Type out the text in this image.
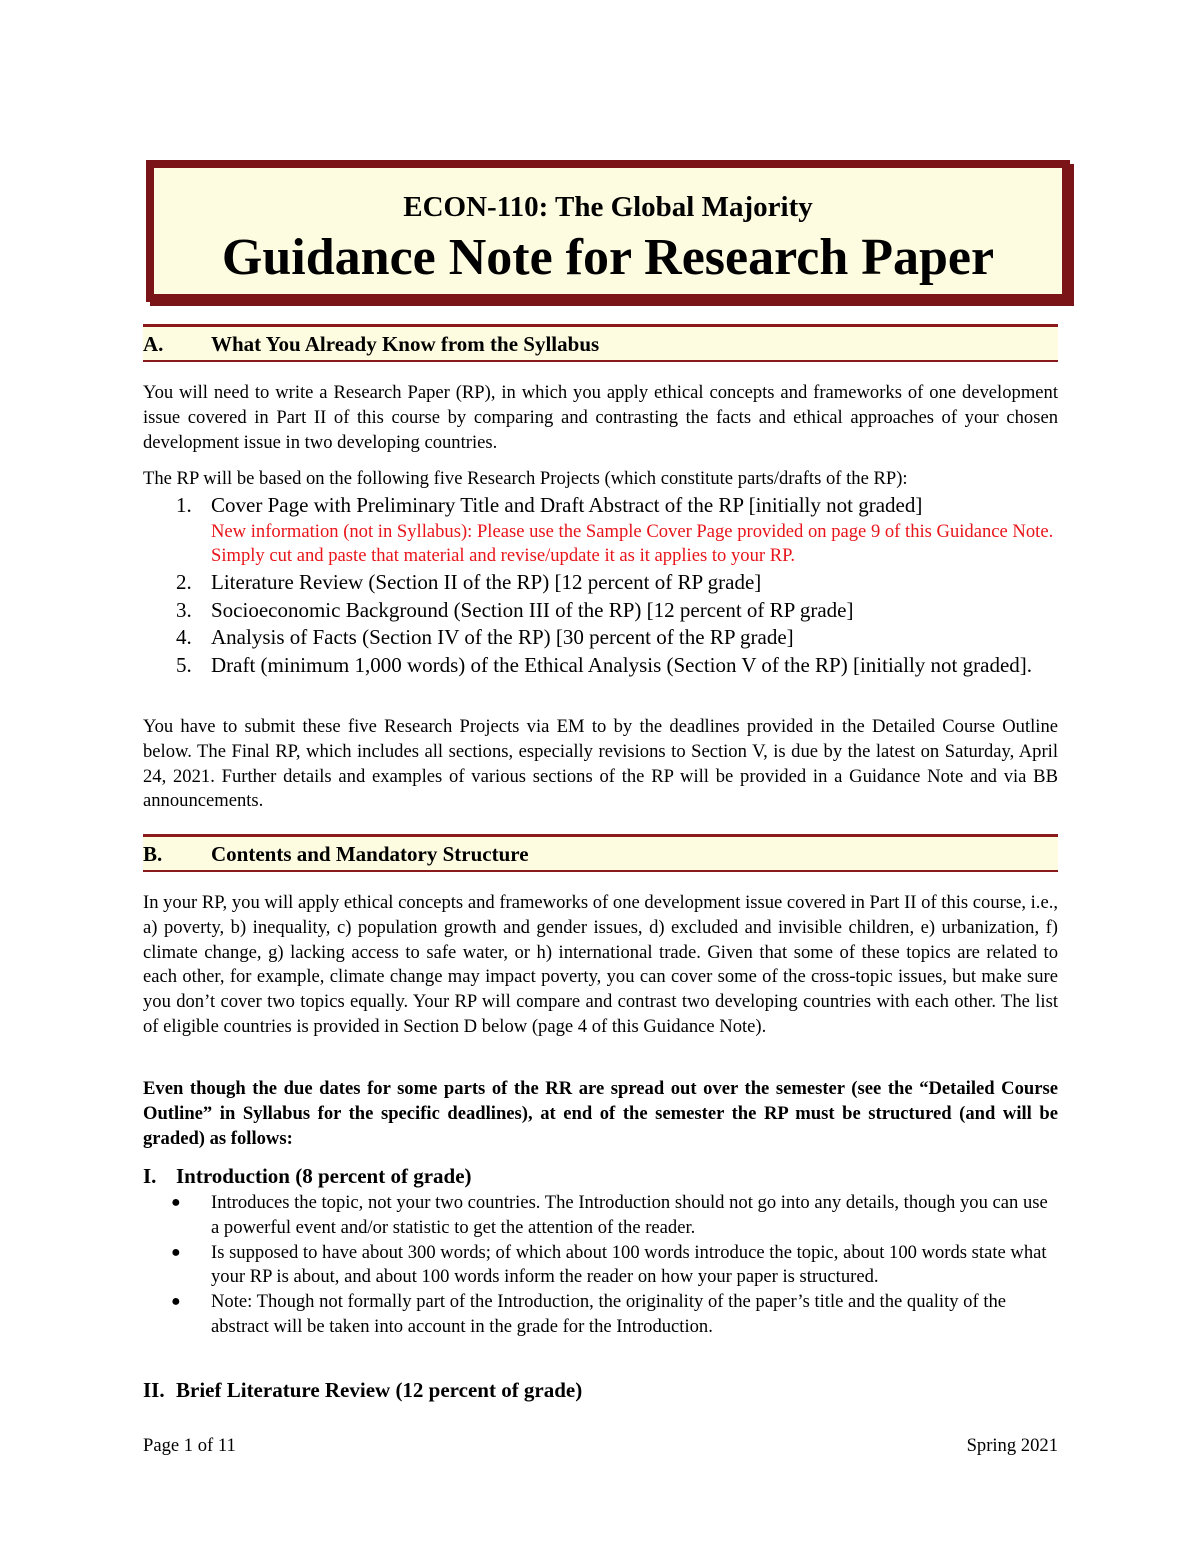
ECON-110: The Global Majority
Guidance Note for Research Paper
A. What You Already Know from the Syllabus

You will need to write a Research Paper (RP), in which you apply ethical concepts and frameworks of one development issue covered in Part II of this course by comparing and contrasting the facts and ethical approaches of your chosen development issue in two developing countries.

The RP will be based on the following five Research Projects (which constitute parts/drafts of the RP):

1. Cover Page with Preliminary Title and Draft Abstract of the RP [initially not graded]
New information (not in Syllabus): Please use the Sample Cover Page provided on page 9 of this Guidance Note. Simply cut and paste that material and revise/update it as it applies to your RP.
2. Literature Review (Section II of the RP) [12 percent of RP grade]
3. Socioeconomic Background (Section III of the RP) [12 percent of RP grade]
4. Analysis of Facts (Section IV of the RP) [30 percent of the RP grade]
5. Draft (minimum 1,000 words) of the Ethical Analysis (Section V of the RP) [initially not graded].

You have to submit these five Research Projects via EM to by the deadlines provided in the Detailed Course Outline below. The Final RP, which includes all sections, especially revisions to Section V, is due by the latest on Saturday, April 24, 2021. Further details and examples of various sections of the RP will be provided in a Guidance Note and via BB announcements.

B. Contents and Mandatory Structure

In your RP, you will apply ethical concepts and frameworks of one development issue covered in Part II of this course, i.e., a) poverty, b) inequality, c) population growth and gender issues, d) excluded and invisible children, e) urbanization, f) climate change, g) lacking access to safe water, or h) international trade. Given that some of these topics are related to each other, for example, climate change may impact poverty, you can cover some of the cross-topic issues, but make sure you don’t cover two topics equally. Your RP will compare and contrast two developing countries with each other. The list of eligible countries is provided in Section D below (page 4 of this Guidance Note).

Even though the due dates for some parts of the RR are spread out over the semester (see the “Detailed Course Outline” in Syllabus for the specific deadlines), at end of the semester the RP must be structured (and will be graded) as follows:

I. Introduction (8 percent of grade)
● Introduces the topic, not your two countries. The Introduction should not go into any details, though you can use a powerful event and/or statistic to get the attention of the reader.
● Is supposed to have about 300 words; of which about 100 words introduce the topic, about 100 words state what your RP is about, and about 100 words inform the reader on how your paper is structured.
● Note: Though not formally part of the Introduction, the originality of the paper’s title and the quality of the abstract will be taken into account in the grade for the Introduction.
II. Brief Literature Review (12 percent of grade)
Page 1 of 11	Spring 2021
